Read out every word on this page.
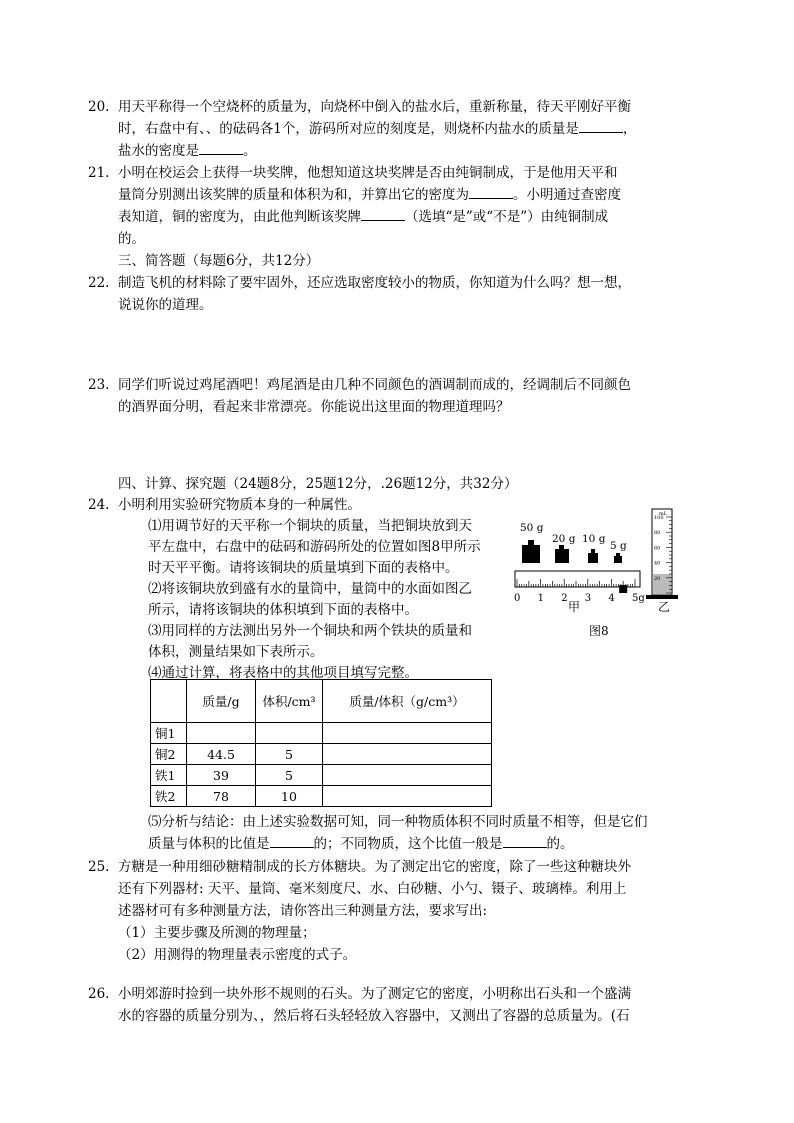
20. 用天平称得一个空烧杯的质量为，向烧杯中倒入的盐水后，重新称量，待天平刚好平衡
时，右盘中有、、的砝码各1个，游码所对应的刻度是，则烧杯内盐水的质量是	，
盐水的密度是	。
21. 小明在校运会上获得一块奖牌，他想知道这块奖牌是否由纯铜制成，于是他用天平和
量筒分别测出该奖牌的质量和体积为和，并算出它的密度为	。小明通过查密度
表知道，铜的密度为，由此他判断该奖牌	（选填“是”或“不是”）由纯铜制成
的。
三、简答题（每题6分，共12分）
22. 制造飞机的材料除了要牢固外，还应选取密度较小的物质，你知道为什么吗？想一想，
说说你的道理。
23. 同学们听说过鸡尾酒吧！鸡尾酒是由几种不同颜色的酒调制而成的，经调制后不同颜色
的酒界面分明，看起来非常漂亮。你能说出这里面的物理道理吗？
四、计算、探究题（24题8分，25题12分，.26题12分，共32分）
24. 小明利用实验研究物质本身的一种属性。
⑴用调节好的天平称一个铜块的质量，当把铜块放到天
平左盘中，右盘中的砝码和游码所处的位置如图8甲所示
时天平平衡。请将该铜块的质量填到下面的表格中。
⑵将该铜块放到盛有水的量筒中，量筒中的水面如图乙
所示，请将该铜块的体积填到下面的表格中。
⑶用同样的方法测出另外一个铜块和两个铁块的质量和
体积，测量结果如下表所示。
⑷通过计算，将表格中的其他项目填写完整。
	质量/g	体积/cm³	质量/体积（g/cm³）
铜1			
铜2	44.5	5	
铁1	39	5	
铁2	78	10	
⑸分析与结论：由上述实验数据可知，同一种物质体积不同时质量不相等，但是它们
质量与体积的比值是	的；不同物质，这个比值一般是	的。
50 g
20 g 10 g
5 g
0 1 2 3 4 5g
甲
mL
100
80
60
40
20
乙
图8
25. 方糖是一种用细砂糖精制成的长方体糖块。为了测定出它的密度，除了一些这种糖块外
还有下列器材: 天平、量筒、毫米刻度尺、水、白砂糖、小勺、镊子、玻璃棒。利用上
述器材可有多种测量方法，请你答出三种测量方法，要求写出:
（1）主要步骤及所测的物理量；
（2）用测得的物理量表示密度的式子。
26. 小明郊游时捡到一块外形不规则的石头。为了测定它的密度，小明称出石头和一个盛满
水的容器的质量分别为、，然后将石头轻轻放入容器中，又测出了容器的总质量为。(石
